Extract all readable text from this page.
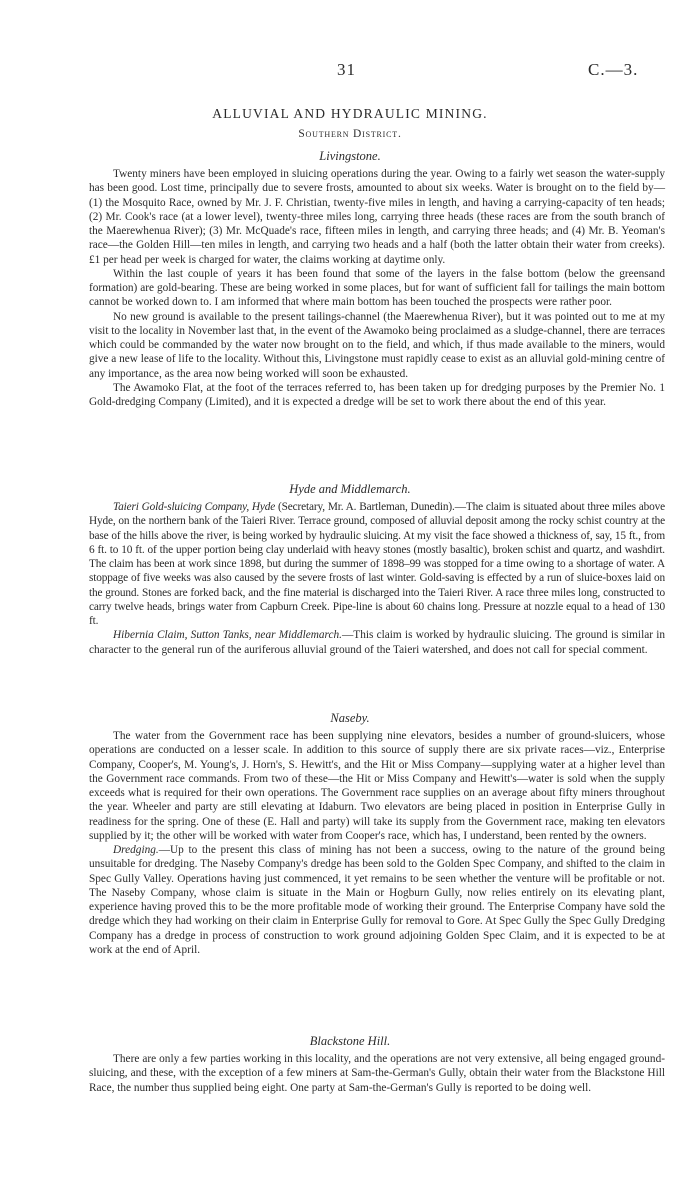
31	C.—3.
ALLUVIAL AND HYDRAULIC MINING.
Southern District.
Livingstone.

Twenty miners have been employed in sluicing operations during the year. Owing to a fairly wet season the water-supply has been good. Lost time, principally due to severe frosts, amounted to about six weeks. Water is brought on to the field by—(1) the Mosquito Race, owned by Mr. J. F. Christian, twenty-five miles in length, and having a carrying-capacity of ten heads; (2) Mr. Cook's race (at a lower level), twenty-three miles long, carrying three heads (these races are from the south branch of the Maerewhenua River); (3) Mr. McQuade's race, fifteen miles in length, and carrying three heads; and (4) Mr. B. Yeoman's race—the Golden Hill—ten miles in length, and carrying two heads and a half (both the latter obtain their water from creeks). £1 per head per week is charged for water, the claims working at daytime only.

Within the last couple of years it has been found that some of the layers in the false bottom (below the greensand formation) are gold-bearing. These are being worked in some places, but for want of sufficient fall for tailings the main bottom cannot be worked down to. I am informed that where main bottom has been touched the prospects were rather poor.

No new ground is available to the present tailings-channel (the Maerewhenua River), but it was pointed out to me at my visit to the locality in November last that, in the event of the Awamoko being proclaimed as a sludge-channel, there are terraces which could be commanded by the water now brought on to the field, and which, if thus made available to the miners, would give a new lease of life to the locality. Without this, Livingstone must rapidly cease to exist as an alluvial gold-mining centre of any importance, as the area now being worked will soon be exhausted.

The Awamoko Flat, at the foot of the terraces referred to, has been taken up for dredging purposes by the Premier No. 1 Gold-dredging Company (Limited), and it is expected a dredge will be set to work there about the end of this year.

Hyde and Middlemarch.

Taieri Gold-sluicing Company, Hyde (Secretary, Mr. A. Bartleman, Dunedin).—The claim is situated about three miles above Hyde, on the northern bank of the Taieri River. Terrace ground, composed of alluvial deposit among the rocky schist country at the base of the hills above the river, is being worked by hydraulic sluicing. At my visit the face showed a thickness of, say, 15 ft., from 6 ft. to 10 ft. of the upper portion being clay underlaid with heavy stones (mostly basaltic), broken schist and quartz, and washdirt. The claim has been at work since 1898, but during the summer of 1898–99 was stopped for a time owing to a shortage of water. A stoppage of five weeks was also caused by the severe frosts of last winter. Gold-saving is effected by a run of sluice-boxes laid on the ground. Stones are forked back, and the fine material is discharged into the Taieri River. A race three miles long, constructed to carry twelve heads, brings water from Capburn Creek. Pipe-line is about 60 chains long. Pressure at nozzle equal to a head of 130 ft.

Hibernia Claim, Sutton Tanks, near Middlemarch.—This claim is worked by hydraulic sluicing. The ground is similar in character to the general run of the auriferous alluvial ground of the Taieri watershed, and does not call for special comment.

Naseby.

The water from the Government race has been supplying nine elevators, besides a number of ground-sluicers, whose operations are conducted on a lesser scale. In addition to this source of supply there are six private races—viz., Enterprise Company, Cooper's, M. Young's, J. Horn's, S. Hewitt's, and the Hit or Miss Company—supplying water at a higher level than the Government race commands. From two of these—the Hit or Miss Company and Hewitt's—water is sold when the supply exceeds what is required for their own operations. The Government race supplies on an average about fifty miners throughout the year. Wheeler and party are still elevating at Idaburn. Two elevators are being placed in position in Enterprise Gully in readiness for the spring. One of these (E. Hall and party) will take its supply from the Government race, making ten elevators supplied by it; the other will be worked with water from Cooper's race, which has, I understand, been rented by the owners.

Dredging.—Up to the present this class of mining has not been a success, owing to the nature of the ground being unsuitable for dredging. The Naseby Company's dredge has been sold to the Golden Spec Company, and shifted to the claim in Spec Gully Valley. Operations having just commenced, it yet remains to be seen whether the venture will be profitable or not. The Naseby Company, whose claim is situate in the Main or Hogburn Gully, now relies entirely on its elevating plant, experience having proved this to be the more profitable mode of working their ground. The Enterprise Company have sold the dredge which they had working on their claim in Enterprise Gully for removal to Gore. At Spec Gully the Spec Gully Dredging Company has a dredge in process of construction to work ground adjoining Golden Spec Claim, and it is expected to be at work at the end of April.

Blackstone Hill.

There are only a few parties working in this locality, and the operations are not very extensive, all being engaged ground-sluicing, and these, with the exception of a few miners at Sam-the-German's Gully, obtain their water from the Blackstone Hill Race, the number thus supplied being eight. One party at Sam-the-German's Gully is reported to be doing well.
